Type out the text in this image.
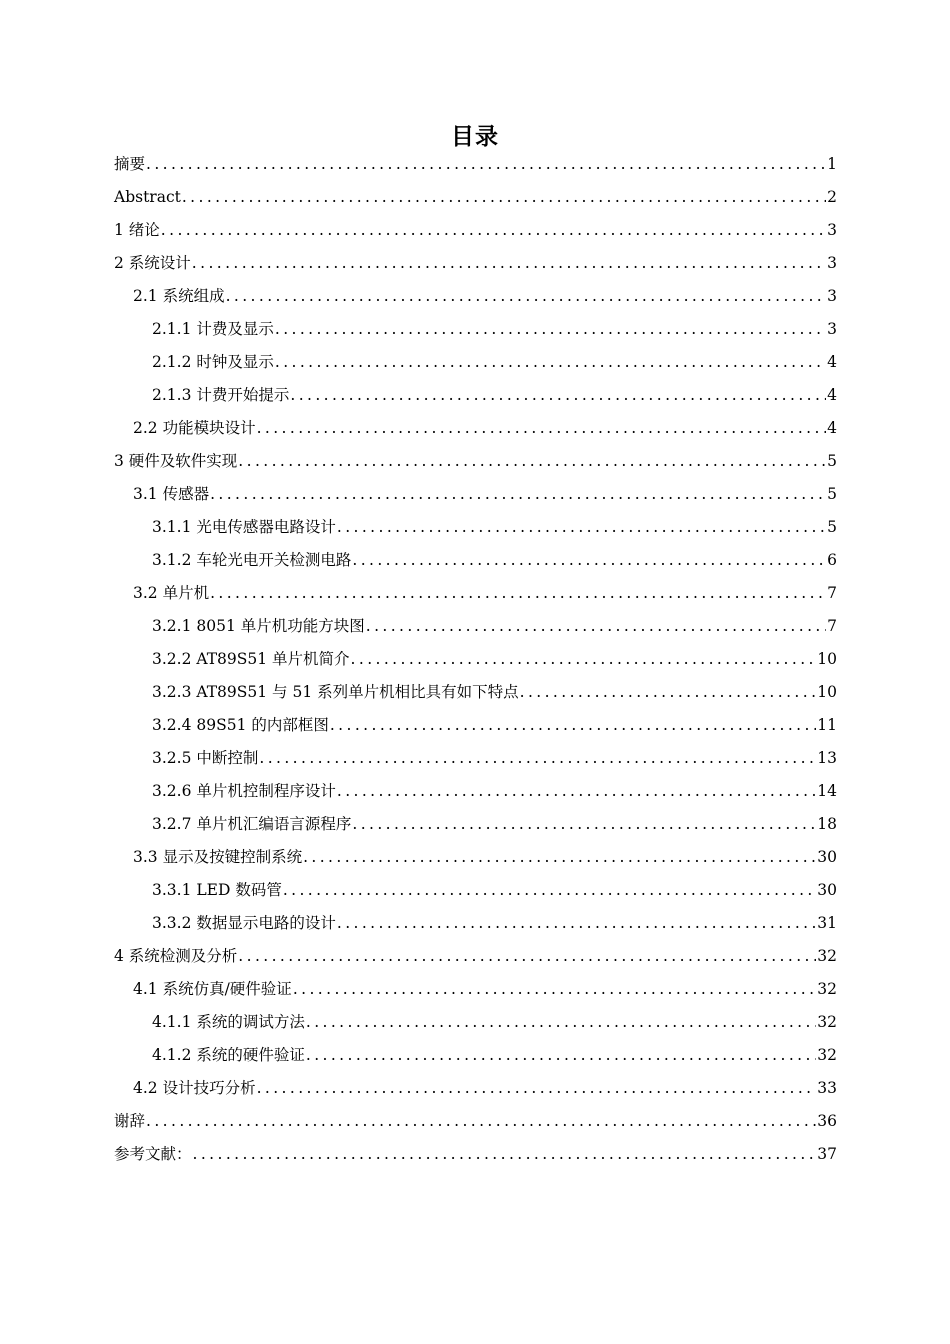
目录
摘要 .....	1
Abstract .....	2
1 绪论 .....	3
2 系统设计 .....	3
2.1 系统组成 .....	3
2.1.1 计费及显示 .....	3
2.1.2 时钟及显示 .....	4
2.1.3 计费开始提示 .....	4
2.2 功能模块设计 .....	4
3 硬件及软件实现 .....	5
3.1 传感器 .....	5
3.1.1 光电传感器电路设计 .....	5
3.1.2 车轮光电开关检测电路 .....	6
3.2 单片机 .....	7
3.2.1 8051 单片机功能方块图 .....	7
3.2.2 AT89S51 单片机简介 .....	10
3.2.3 AT89S51 与 51 系列单片机相比具有如下特点 .....	10
3.2.4 89S51 的内部框图 .....	11
3.2.5 中断控制 .....	13
3.2.6 单片机控制程序设计 .....	14
3.2.7 单片机汇编语言源程序 .....	18
3.3 显示及按键控制系统 .....	30
3.3.1 LED 数码管 .....	30
3.3.2 数据显示电路的设计 .....	31
4 系统检测及分析 .....	32
4.1 系统仿真/硬件验证 .....	32
4.1.1 系统的调试方法 .....	32
4.1.2 系统的硬件验证 .....	32
4.2 设计技巧分析 .....	33
谢辞 .....	36
参考文献： .....	37
